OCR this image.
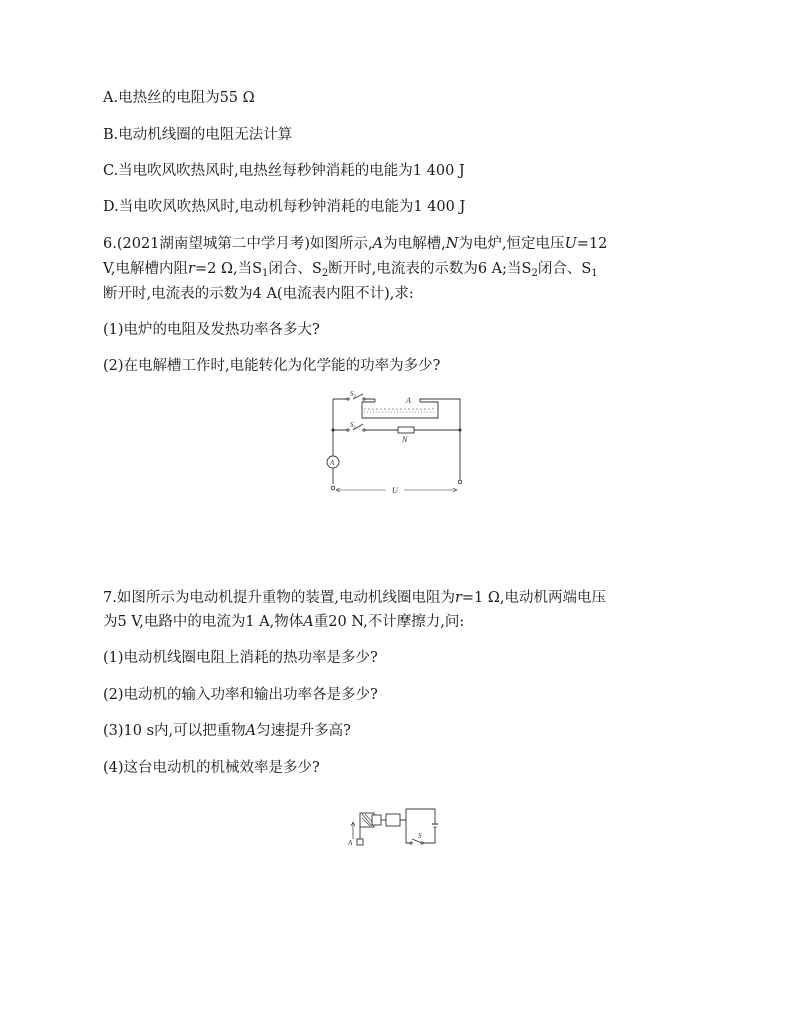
A.电热丝的电阻为55 Ω
B.电动机线圈的电阻无法计算
C.当电吹风吹热风时,电热丝每秒钟消耗的电能为1 400 J
D.当电吹风吹热风时,电动机每秒钟消耗的电能为1 400 J
6.(2021湖南望城第二中学月考)如图所示,A为电解槽,N为电炉,恒定电压U=12
V,电解槽内阻r=2 Ω,当$S_1$闭合、$S_2$断开时,电流表的示数为6 A;当$S_2$闭合、$S_1$
断开时,电流表的示数为4 A(电流表内阻不计),求:
(1)电炉的电阻及发热功率各多大?
(2)在电解槽工作时,电能转化为化学能的功率为多少?
A
$S_2$
$S_1$
N
A
U
7.如图所示为电动机提升重物的装置,电动机线圈电阻为r=1 Ω,电动机两端电压
为5 V,电路中的电流为1 A,物体A重20 N,不计摩擦力,问:
(1)电动机线圈电阻上消耗的热功率是多少?
(2)电动机的输入功率和输出功率各是多少?
(3)10 s内,可以把重物A匀速提升多高?
(4)这台电动机的机械效率是多少?
A
S
